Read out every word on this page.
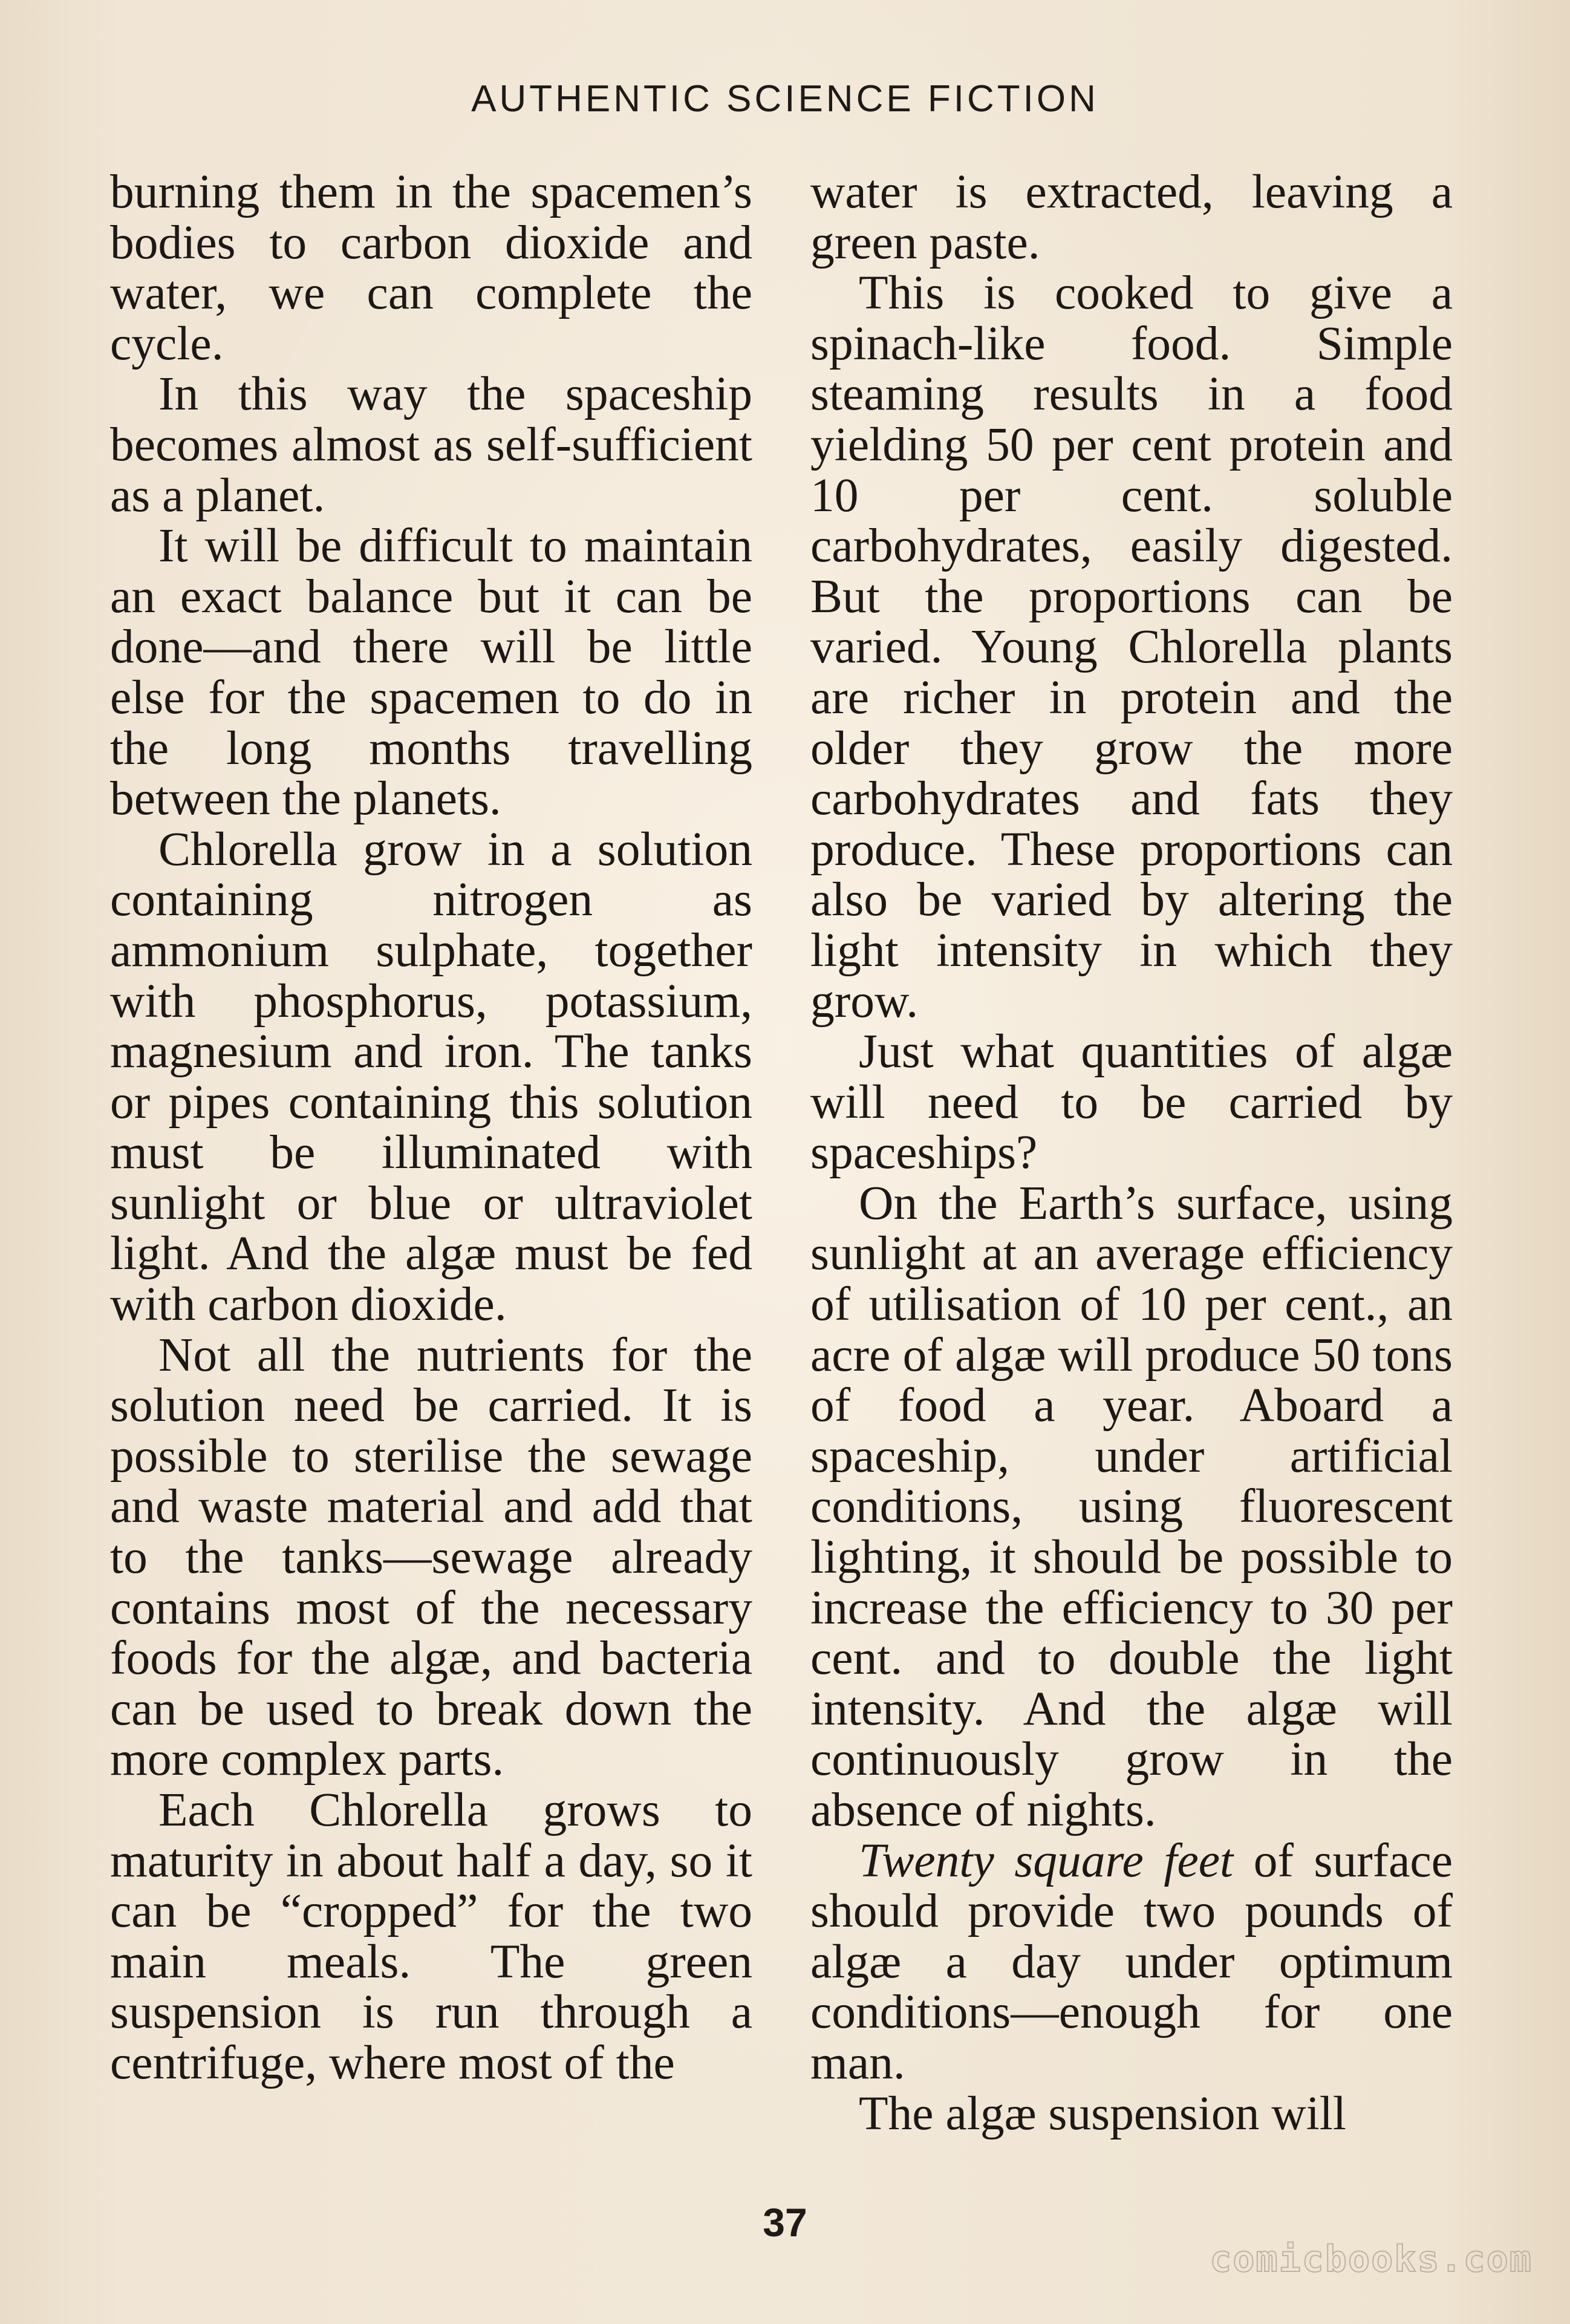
AUTHENTIC SCIENCE FICTION

burning them in the spacemen’s bodies to carbon dioxide and water, we can complete the cycle.

In this way the spaceship becomes almost as self-sufficient as a planet.

It will be difficult to maintain an exact balance but it can be done—and there will be little else for the spacemen to do in the long months travelling between the planets.

Chlorella grow in a solution containing nitrogen as ammonium sulphate, together with phosphorus, potassium, magnesium and iron. The tanks or pipes containing this solution must be illuminated with sunlight or blue or ultraviolet light. And the algæ must be fed with carbon dioxide.

Not all the nutrients for the solution need be carried. It is possible to sterilise the sewage and waste material and add that to the tanks—sewage already contains most of the necessary foods for the algæ, and bacteria can be used to break down the more complex parts.

Each Chlorella grows to maturity in about half a day, so it can be “cropped” for the two main meals. The green suspension is run through a centrifuge, where most of the

water is extracted, leaving a green paste.

This is cooked to give a spinach-like food. Simple steaming results in a food yielding 50 per cent protein and 10 per cent. soluble carbohydrates, easily digested. But the proportions can be varied. Young Chlorella plants are richer in protein and the older they grow the more carbohydrates and fats they produce. These proportions can also be varied by altering the light intensity in which they grow.

Just what quantities of algæ will need to be carried by spaceships?

On the Earth’s surface, using sunlight at an average efficiency of utilisation of 10 per cent., an acre of algæ will produce 50 tons of food a year. Aboard a spaceship, under artificial conditions, using fluorescent lighting, it should be possible to increase the efficiency to 30 per cent. and to double the light intensity. And the algæ will continuously grow in the absence of nights.

Twenty square feet of surface should provide two pounds of algæ a day under optimum conditions—enough for one man.

The algæ suspension will

37
comicbooks.com
